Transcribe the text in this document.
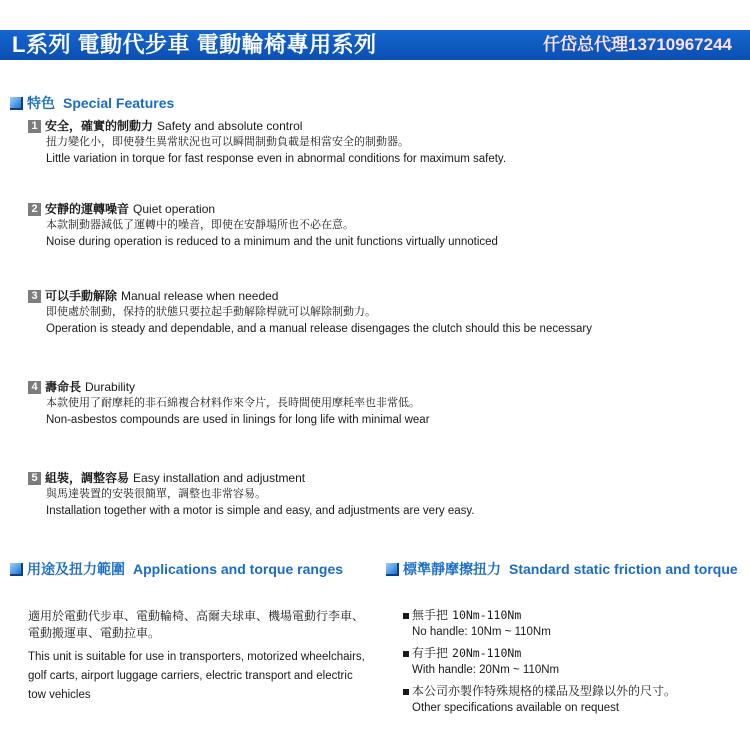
L系列 電動代步車 電動輪椅專用系列	仟岱总代理13710967244
特色 Special Features
1 安全，確實的制動力 Safety and absolute control
扭力變化小，即使發生異常狀況也可以瞬間制動負載是相當安全的制動器。
Little variation in torque for fast response even in abnormal conditions for maximum safety.
2 安靜的運轉噪音 Quiet operation
本款制動器減低了運轉中的噪音，即使在安靜場所也不必在意。
Noise during operation is reduced to a minimum and the unit functions virtually unnoticed
3 可以手動解除 Manual release when needed
即使處於制動，保持的狀態只要拉起手動解除桿就可以解除制動力。
Operation is steady and dependable, and a manual release disengages the clutch should this be necessary
4 壽命長 Durability
本款使用了耐摩耗的非石綿複合材料作來令片，長時間使用摩耗率也非常低。
Non-asbestos compounds are used in linings for long life with minimal wear
5 組裝，調整容易 Easy installation and adjustment
與馬達裝置的安裝很簡單，調整也非常容易。
Installation together with a motor is simple and easy, and adjustments are very easy.
用途及扭力範圍 Applications and torque ranges
適用於電動代步車、電動輪椅、高爾夫球車、機場電動行李車、電動搬運車、電動拉車。
This unit is suitable for use in transporters, motorized wheelchairs, golf carts, airport luggage carriers, electric transport and electric tow vehicles
標準靜摩擦扭力 Standard static friction and torque
無手把 10Nm-110Nm
No handle: 10Nm ~ 110Nm
有手把 20Nm-110Nm
With handle: 20Nm ~ 110Nm
本公司亦製作特殊規格的樣品及型錄以外的尺寸。
Other specifications available on request
